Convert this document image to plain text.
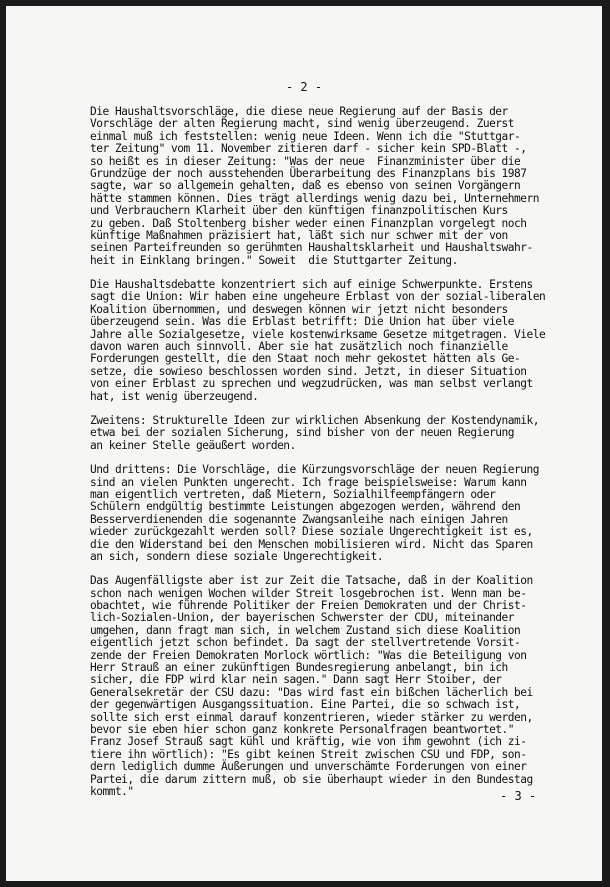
- 2 -
Die Haushaltsvorschläge, die diese neue Regierung auf der Basis der
Vorschläge der alten Regierung macht, sind wenig überzeugend. Zuerst
einmal muß ich feststellen: wenig neue Ideen. Wenn ich die "Stuttgar-
ter Zeitung" vom 11. November zitieren darf - sicher kein SPD-Blatt -,
so heißt es in dieser Zeitung: "Was der neue  Finanzminister über die
Grundzüge der noch ausstehenden Überarbeitung des Finanzplans bis 1987
sagte, war so allgemein gehalten, daß es ebenso von seinen Vorgängern
hätte stammen können. Dies trägt allerdings wenig dazu bei, Unternehmern
und Verbrauchern Klarheit über den künftigen finanzpolitischen Kurs
zu geben. Daß Stoltenberg bisher weder einen Finanzplan vorgelegt noch
künftige Maßnahmen präzisiert hat, läßt sich nur schwer mit der von
seinen Parteifreunden so gerühmten Haushaltsklarheit und Haushaltswahr-
heit in Einklang bringen." Soweit  die Stuttgarter Zeitung.
Die Haushaltsdebatte konzentriert sich auf einige Schwerpunkte. Erstens
sagt die Union: Wir haben eine ungeheure Erblast von der sozial-liberalen
Koalition übernommen, und deswegen können wir jetzt nicht besonders
überzeugend sein. Was die Erblast betrifft: Die Union hat über viele
Jahre alle Sozialgesetze, viele kostenwirksame Gesetze mitgetragen. Viele
davon waren auch sinnvoll. Aber sie hat zusätzlich noch finanzielle
Forderungen gestellt, die den Staat noch mehr gekostet hätten als Ge-
setze, die sowieso beschlossen worden sind. Jetzt, in dieser Situation
von einer Erblast zu sprechen und wegzudrücken, was man selbst verlangt
hat, ist wenig überzeugend.
Zweitens: Strukturelle Ideen zur wirklichen Absenkung der Kostendynamik,
etwa bei der sozialen Sicherung, sind bisher von der neuen Regierung
an keiner Stelle geäußert worden.
Und drittens: Die Vorschläge, die Kürzungsvorschläge der neuen Regierung
sind an vielen Punkten ungerecht. Ich frage beispielsweise: Warum kann
man eigentlich vertreten, daß Mietern, Sozialhilfeempfängern oder
Schülern endgültig bestimmte Leistungen abgezogen werden, während den
Besserverdienenden die sogenannte Zwangsanleihe nach einigen Jahren
wieder zurückgezahlt werden soll? Diese soziale Ungerechtigkeit ist es,
die den Widerstand bei den Menschen mobilisieren wird. Nicht das Sparen
an sich, sondern diese soziale Ungerechtigkeit.
Das Augenfälligste aber ist zur Zeit die Tatsache, daß in der Koalition
schon nach wenigen Wochen wilder Streit losgebrochen ist. Wenn man be-
obachtet, wie führende Politiker der Freien Demokraten und der Christ-
lich-Sozialen-Union, der bayerischen Schwerster der CDU, miteinander
umgehen, dann fragt man sich, in welchem Zustand sich diese Koalition
eigentlich jetzt schon befindet. Da sagt der stellvertretende Vorsit-
zende der Freien Demokraten Morlock wörtlich: "Was die Beteiligung von
Herr Strauß an einer zukünftigen Bundesregierung anbelangt, bin ich
sicher, die FDP wird klar nein sagen." Dann sagt Herr Stoiber, der
Generalsekretär der CSU dazu: "Das wird fast ein bißchen lächerlich bei
der gegenwärtigen Ausgangssituation. Eine Partei, die so schwach ist,
sollte sich erst einmal darauf konzentrieren, wieder stärker zu werden,
bevor sie eben hier schon ganz konkrete Personalfragen beantwortet."
Franz Josef Strauß sagt kühl und kräftig, wie von ihm gewohnt (ich zi-
tiere ihn wörtlich): "Es gibt keinen Streit zwischen CSU und FDP, son-
dern lediglich dumme Äußerungen und unverschämte Forderungen von einer
Partei, die darum zittern muß, ob sie überhaupt wieder in den Bundestag
kommt."	- 3 -
